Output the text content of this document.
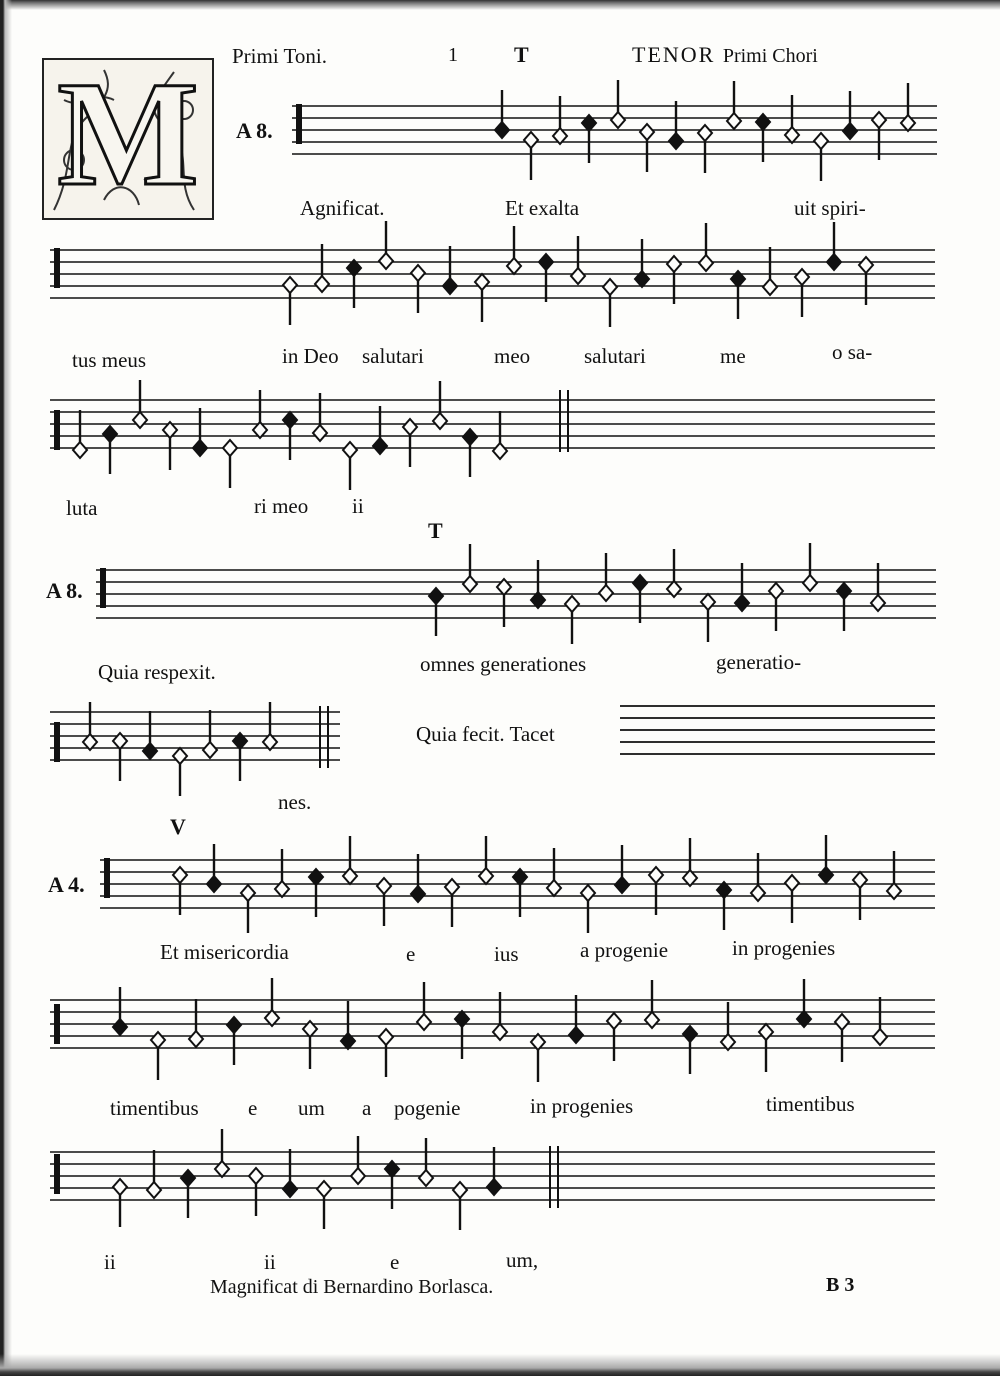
Primi Toni.	1	T	TENOR Primi Chori
M	A 8.
Agnificat.	Et exalta	uit spiri-
tus meus	in Deo salutari	meo	salutari	me	o sa-
luta	ri meo ii
T
A 8.
Quia respexit.	omnes generationes	generatio-
Quia fecit. Tacet
nes.
V
A 4.
Et misericordia	e	ius	a progenie	in progenies
timentibus e um a pogenie	in progenies	timentibus
ii	ii	e	um,
Magnificat di Bernardino Borlasca.	B 3
